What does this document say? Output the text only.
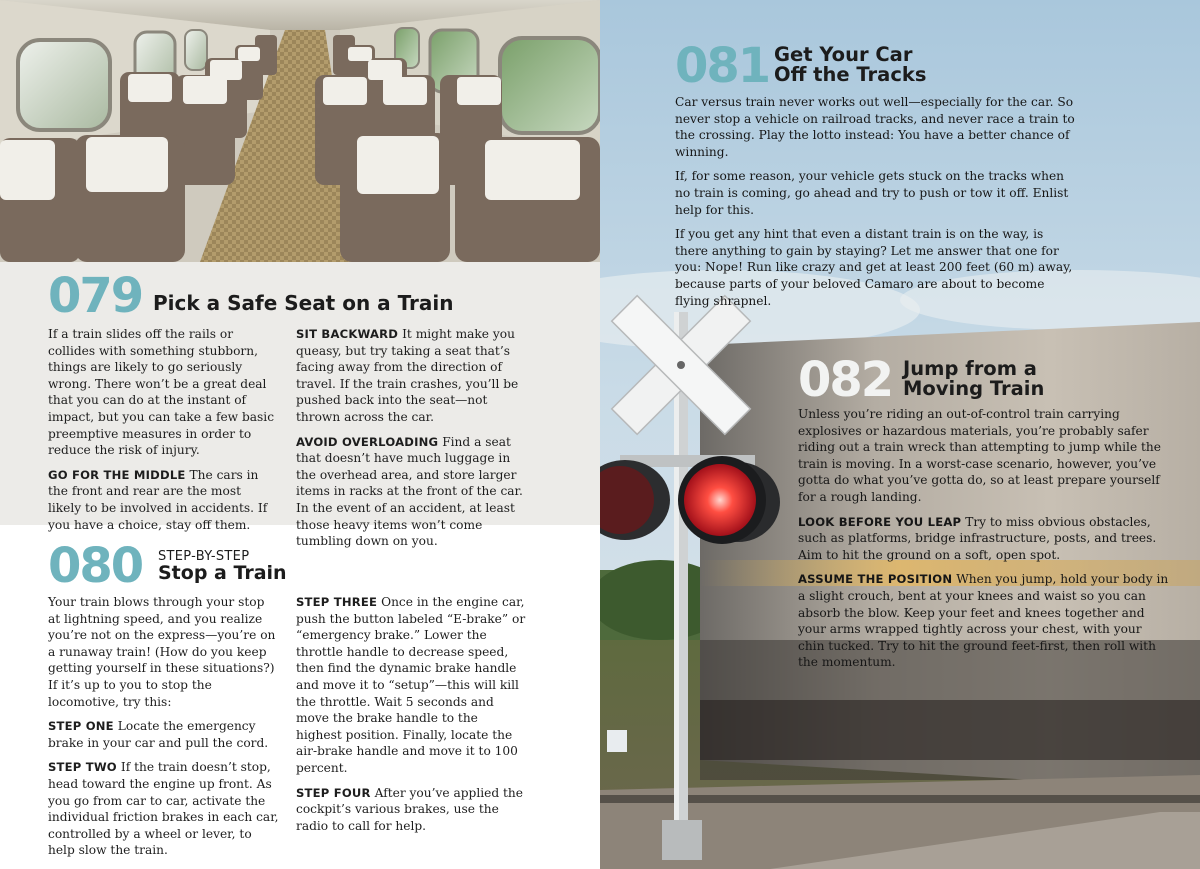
079 Pick a Safe Seat on a Train

If a train slides off the rails or collides with something stubborn, things are likely to go seriously wrong. There won’t be a great deal that you can do at the instant of impact, but you can take a few basic preemptive measures in order to reduce the risk of injury.

GO FOR THE MIDDLE The cars in the front and rear are the most likely to be involved in accidents. If you have a choice, stay off them.

SIT BACKWARD It might make you queasy, but try taking a seat that’s facing away from the direction of travel. If the train crashes, you’ll be pushed back into the seat—not thrown across the car.

AVOID OVERLOADING Find a seat that doesn’t have much luggage in the overhead area, and store larger items in racks at the front of the car. In the event of an accident, at least those heavy items won’t come tumbling down on you.

080 STEP-BY-STEP
Stop a Train

Your train blows through your stop at lightning speed, and you realize you’re not on the express—you’re on a runaway train! (How do you keep getting yourself in these situations?) If it’s up to you to stop the locomotive, try this:

STEP ONE Locate the emergency brake in your car and pull the cord.

STEP TWO If the train doesn’t stop, head toward the engine up front. As you go from car to car, activate the individual friction brakes in each car, controlled by a wheel or lever, to help slow the train.

STEP THREE Once in the engine car, push the button labeled “E-brake” or “emergency brake.” Lower the throttle handle to decrease speed, then find the dynamic brake handle and move it to “setup”—this will kill the throttle. Wait 5 seconds and move the brake handle to the highest position. Finally, locate the air-brake handle and move it to 100 percent.

STEP FOUR After you’ve applied the cockpit’s various brakes, use the radio to call for help.

081 Get Your Car
Off the Tracks

Car versus train never works out well—especially for the car. So never stop a vehicle on railroad tracks, and never race a train to the crossing. Play the lotto instead: You have a better chance of winning.

If, for some reason, your vehicle gets stuck on the tracks when no train is coming, go ahead and try to push or tow it off. Enlist help for this.

If you get any hint that even a distant train is on the way, is there anything to gain by staying? Let me answer that one for you: Nope! Run like crazy and get at least 200 feet (60 m) away, because parts of your beloved Camaro are about to become flying shrapnel.

082 Jump from a
Moving Train

Unless you’re riding an out-of-control train carrying explosives or hazardous materials, you’re probably safer riding out a train wreck than attempting to jump while the train is moving. In a worst-case scenario, however, you’ve gotta do what you’ve gotta do, so at least prepare yourself for a rough landing.

LOOK BEFORE YOU LEAP Try to miss obvious obstacles, such as platforms, bridge infrastructure, posts, and trees. Aim to hit the ground on a soft, open spot.

ASSUME THE POSITION When you jump, hold your body in a slight crouch, bent at your knees and waist so you can absorb the blow. Keep your feet and knees together and your arms wrapped tightly across your chest, with your chin tucked. Try to hit the ground feet-first, then roll with the momentum.
